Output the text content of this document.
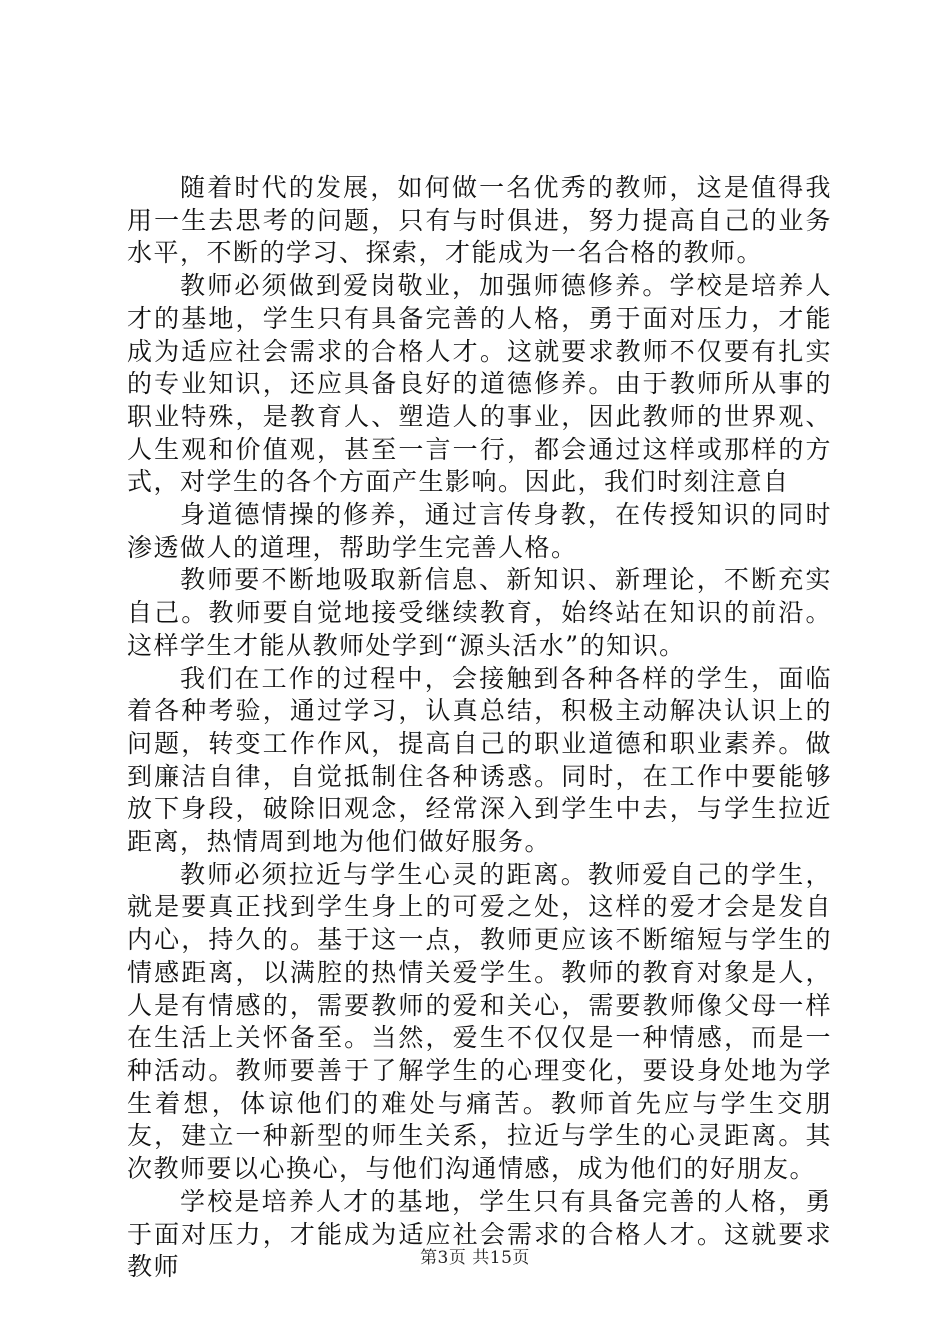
随着时代的发展，如何做一名优秀的教师，这是值得我用一生去思考的问题，只有与时俱进，努力提高自己的业务水平，不断的学习、探索，才能成为一名合格的教师。

教师必须做到爱岗敬业，加强师德修养。学校是培养人才的基地，学生只有具备完善的人格，勇于面对压力，才能成为适应社会需求的合格人才。这就要求教师不仅要有扎实的专业知识，还应具备良好的道德修养。由于教师所从事的职业特殊，是教育人、塑造人的事业，因此教师的世界观、人生观和价值观，甚至一言一行，都会通过这样或那样的方式，对学生的各个方面产生影响。因此，我们时刻注意自

身道德情操的修养，通过言传身教，在传授知识的同时渗透做人的道理，帮助学生完善人格。

教师要不断地吸取新信息、新知识、新理论，不断充实自己。教师要自觉地接受继续教育，始终站在知识的前沿。这样学生才能从教师处学到“源头活水”的知识。

我们在工作的过程中，会接触到各种各样的学生，面临着各种考验，通过学习，认真总结，积极主动解决认识上的问题，转变工作作风，提高自己的职业道德和职业素养。做到廉洁自律，自觉抵制住各种诱惑。同时，在工作中要能够放下身段，破除旧观念，经常深入到学生中去，与学生拉近距离，热情周到地为他们做好服务。

教师必须拉近与学生心灵的距离。教师爱自己的学生，就是要真正找到学生身上的可爱之处，这样的爱才会是发自内心，持久的。基于这一点，教师更应该不断缩短与学生的情感距离，以满腔的热情关爱学生。教师的教育对象是人，人是有情感的，需要教师的爱和关心，需要教师像父母一样在生活上关怀备至。当然，爱生不仅仅是一种情感，而是一种活动。教师要善于了解学生的心理变化，要设身处地为学生着想，体谅他们的难处与痛苦。教师首先应与学生交朋友，建立一种新型的师生关系，拉近与学生的心灵距离。其次教师要以心换心，与他们沟通情感，成为他们的好朋友。

学校是培养人才的基地，学生只有具备完善的人格，勇于面对压力，才能成为适应社会需求的合格人才。这就要求教师	第3页 共15页
